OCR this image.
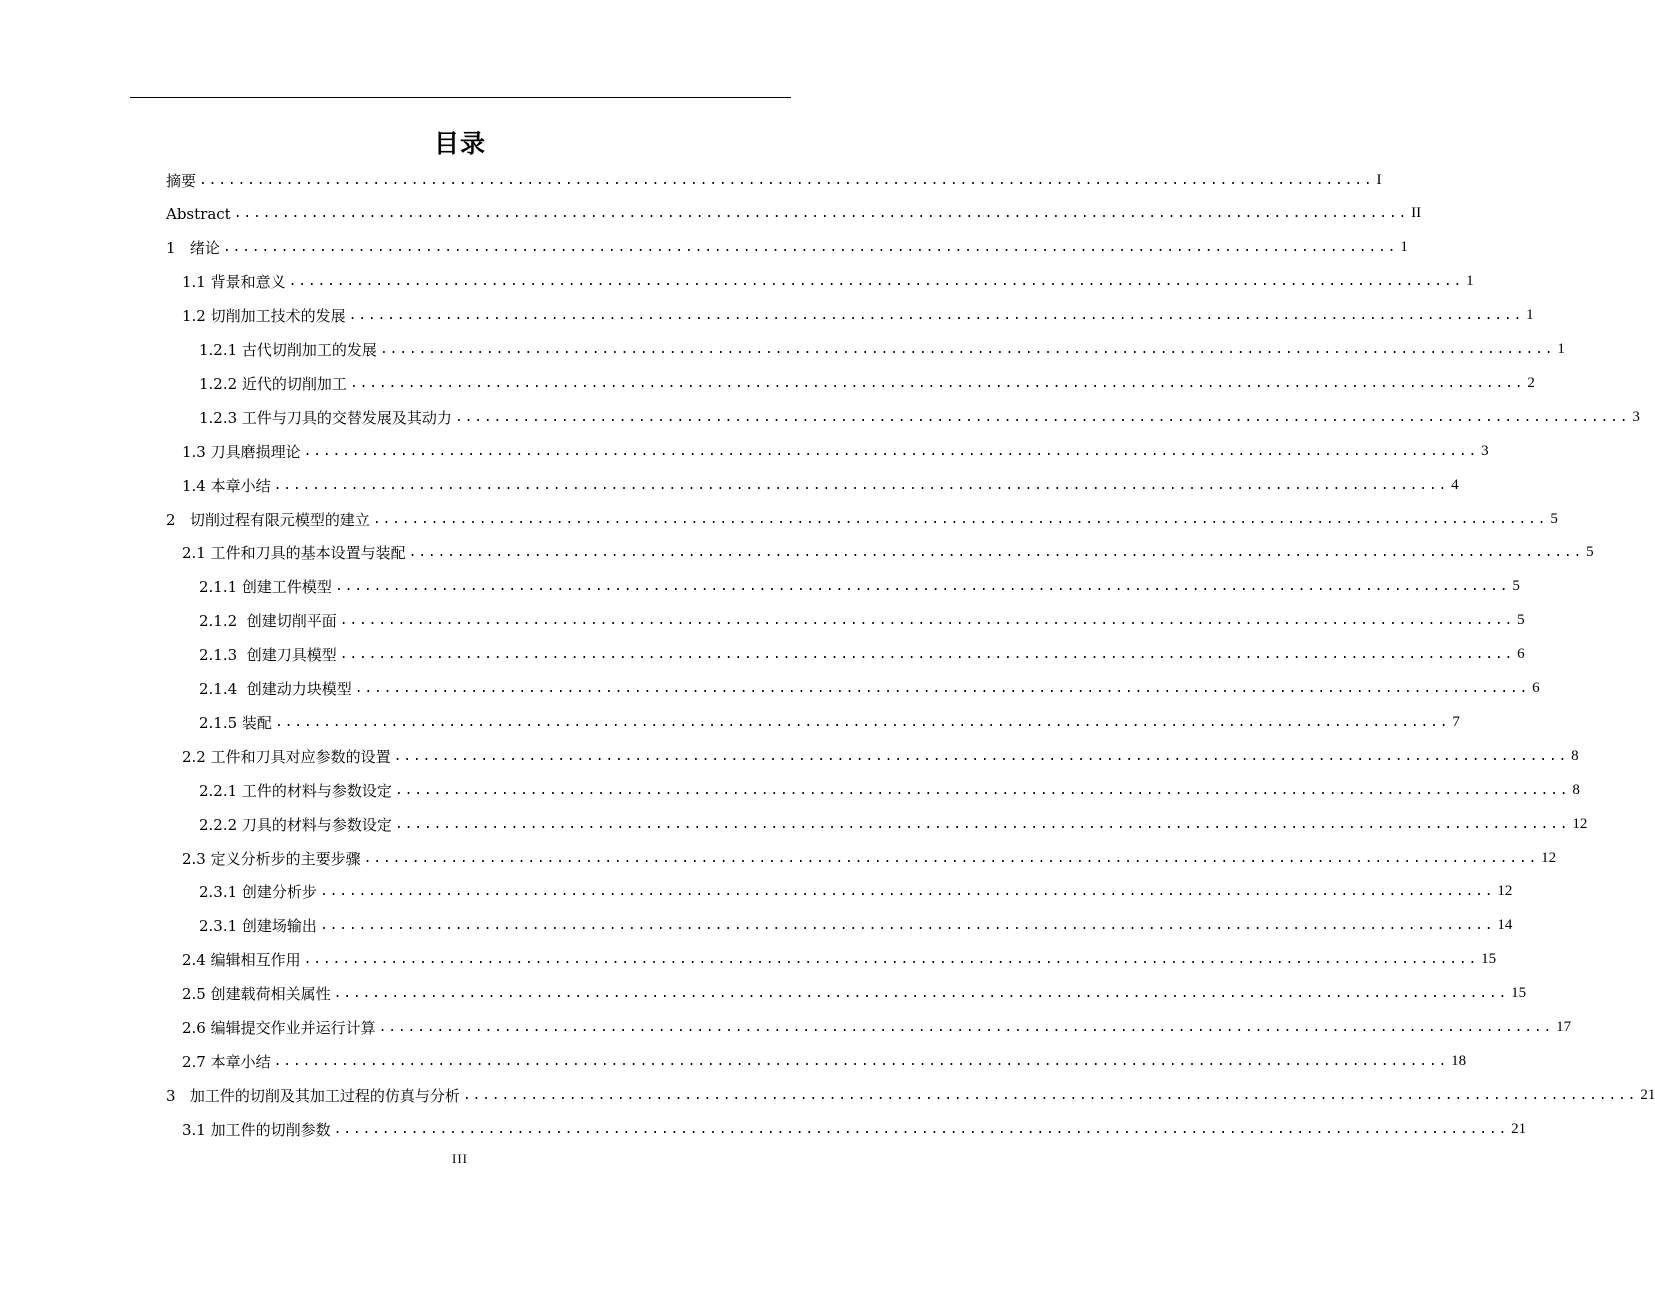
目录
摘要 .......................................................................................................................... I
Abstract .......................................................................................................................... II
1   绪论 .......................................................................................................................... 1
1.1 背景和意义 .......................................................................................................................... 1
1.2 切削加工技术的发展 .......................................................................................................................... 1
1.2.1 古代切削加工的发展 .......................................................................................................................... 1
1.2.2 近代的切削加工 .......................................................................................................................... 2
1.2.3 工件与刀具的交替发展及其动力 .......................................................................................................................... 3
1.3 刀具磨损理论 .......................................................................................................................... 3
1.4 本章小结 .......................................................................................................................... 4
2   切削过程有限元模型的建立 .......................................................................................................................... 5
2.1 工件和刀具的基本设置与装配 .......................................................................................................................... 5
2.1.1 创建工件模型 .......................................................................................................................... 5
2.1.2  创建切削平面 .......................................................................................................................... 5
2.1.3  创建刀具模型 .......................................................................................................................... 6
2.1.4  创建动力块模型 .......................................................................................................................... 6
2.1.5 装配 .......................................................................................................................... 7
2.2 工件和刀具对应参数的设置 .......................................................................................................................... 8
2.2.1 工件的材料与参数设定 .......................................................................................................................... 8
2.2.2 刀具的材料与参数设定 .......................................................................................................................... 12
2.3 定义分析步的主要步骤 .......................................................................................................................... 12
2.3.1 创建分析步 .......................................................................................................................... 12
2.3.1 创建场输出 .......................................................................................................................... 14
2.4 编辑相互作用 .......................................................................................................................... 15
2.5 创建载荷相关属性 .......................................................................................................................... 15
2.6 编辑提交作业并运行计算 .......................................................................................................................... 17
2.7 本章小结 .......................................................................................................................... 18
3   加工件的切削及其加工过程的仿真与分析 .......................................................................................................................... 21
3.1 加工件的切削参数 .......................................................................................................................... 21
III
